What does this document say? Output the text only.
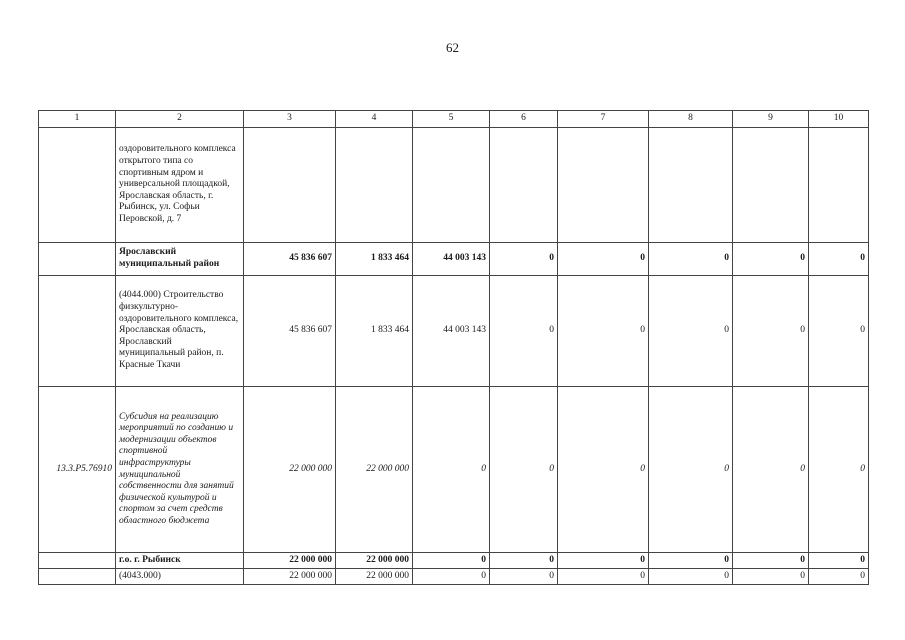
62
1	2	3	4	5	6	7	8	9	10
	оздоровительного комплекса открытого типа со спортивным ядром и универсальной площадкой, Ярославская область, г. Рыбинск, ул. Софьи Перовской, д. 7								
	Ярославский муниципальный район	45 836 607	1 833 464	44 003 143	0	0	0	0	0
	(4044.000) Строительство физкультурно-оздоровительного комплекса, Ярославская область, Ярославский муниципальный район, п. Красные Ткачи	45 836 607	1 833 464	44 003 143	0	0	0	0	0
13.3.P5.76910	Субсидия на реализацию мероприятий по созданию и модернизации объектов спортивной инфраструктуры муниципальной собственности для занятий физической культурой и спортом за счет средств областного бюджета	22 000 000	22 000 000	0	0	0	0	0	0
	г.о. г. Рыбинск	22 000 000	22 000 000	0	0	0	0	0	0
	(4043.000)	22 000 000	22 000 000	0	0	0	0	0	0
